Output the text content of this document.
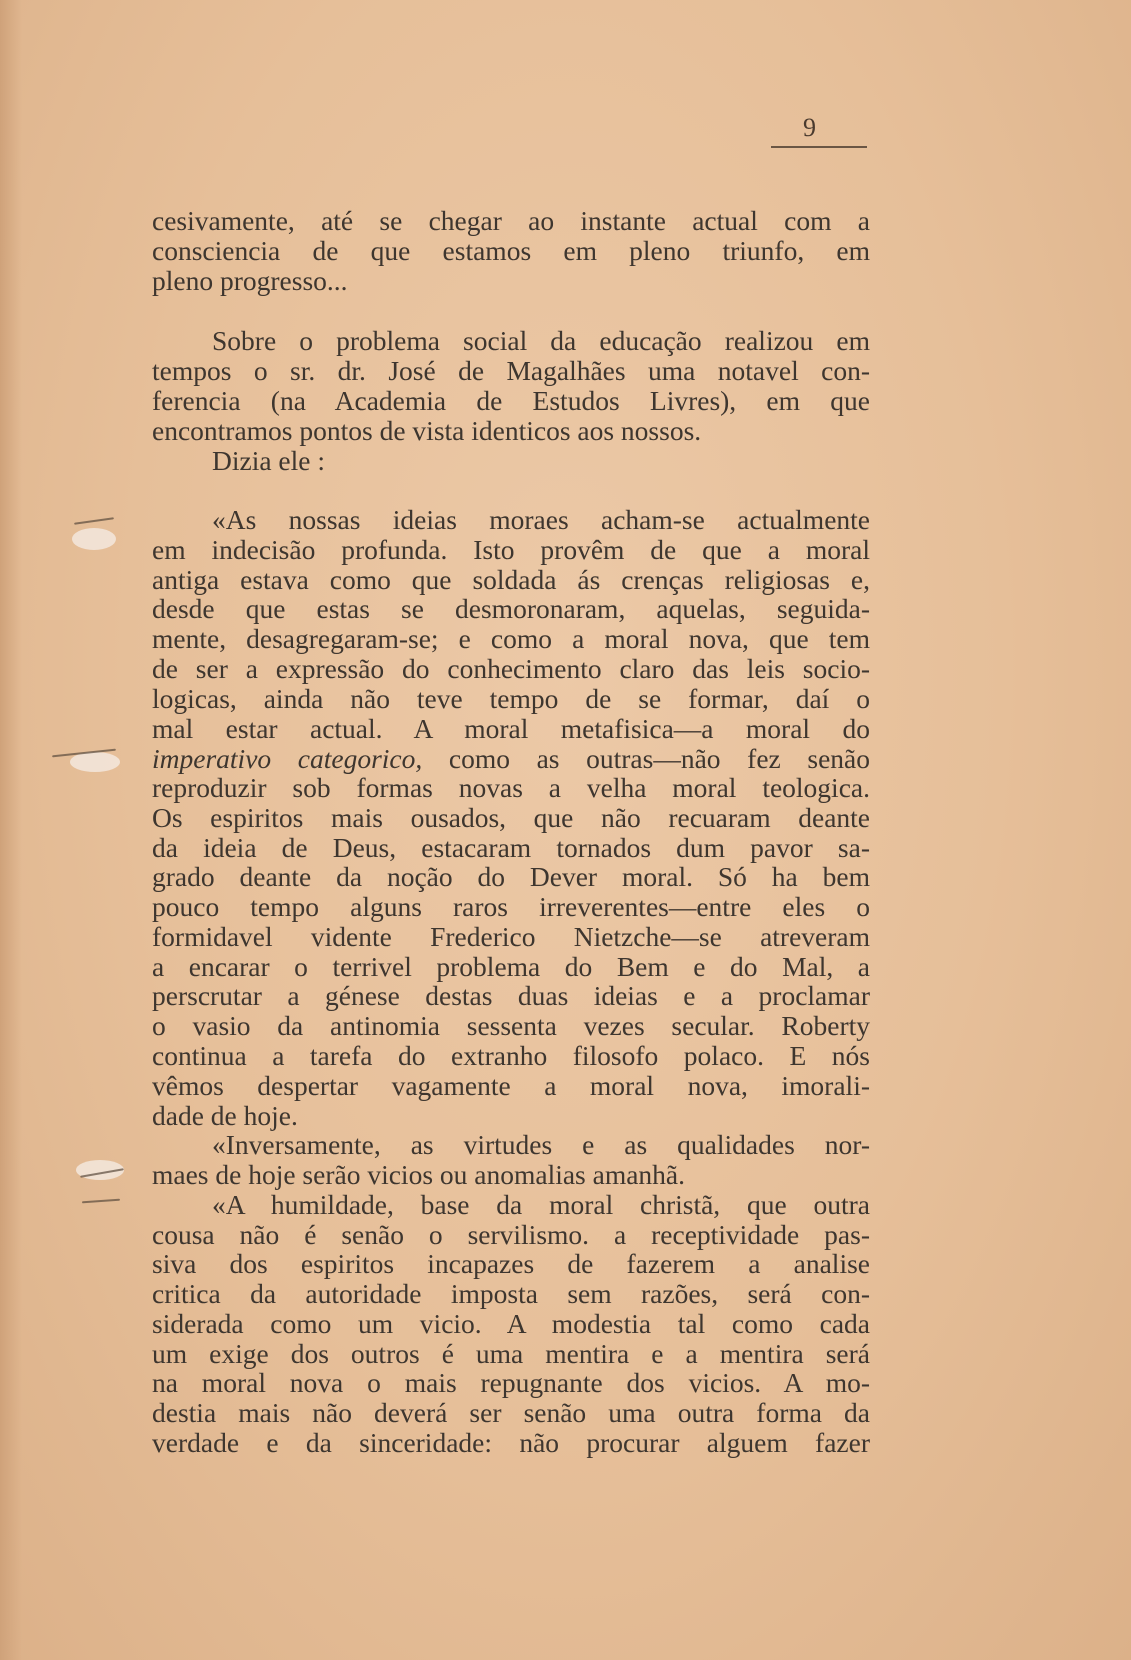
9
cesivamente, até se chegar ao instante actual com a
consciencia de que estamos em pleno triunfo, em
pleno progresso...
Sobre o problema social da educação realizou em
tempos o sr. dr. José de Magalhães uma notavel con-
ferencia (na Academia de Estudos Livres), em que
encontramos pontos de vista identicos aos nossos.
Dizia ele :
«As nossas ideias moraes acham-se actualmente
em indecisão profunda. Isto provêm de que a moral
antiga estava como que soldada ás crenças religiosas e,
desde que estas se desmoronaram, aquelas, seguida-
mente, desagregaram-se; e como a moral nova, que tem
de ser a expressão do conhecimento claro das leis socio-
logicas, ainda não teve tempo de se formar, daí o
mal estar actual. A moral metafisica—a moral do
imperativo categorico, como as outras—não fez senão
reproduzir sob formas novas a velha moral teologica.
Os espiritos mais ousados, que não recuaram deante
da ideia de Deus, estacaram tornados dum pavor sa-
grado deante da noção do Dever moral. Só ha bem
pouco tempo alguns raros irreverentes—entre eles o
formidavel vidente Frederico Nietzche—se atreveram
a encarar o terrivel problema do Bem e do Mal, a
perscrutar a génese destas duas ideias e a proclamar
o vasio da antinomia sessenta vezes secular. Roberty
continua a tarefa do extranho filosofo polaco. E nós
vêmos despertar vagamente a moral nova, imorali-
dade de hoje.
«Inversamente, as virtudes e as qualidades nor-
maes de hoje serão vicios ou anomalias amanhã.
«A humildade, base da moral christã, que outra
cousa não é senão o servilismo. a receptividade pas-
siva dos espiritos incapazes de fazerem a analise
critica da autoridade imposta sem razões, será con-
siderada como um vicio. A modestia tal como cada
um exige dos outros é uma mentira e a mentira será
na moral nova o mais repugnante dos vicios. A mo-
destia mais não deverá ser senão uma outra forma da
verdade e da sinceridade: não procurar alguem fazer
